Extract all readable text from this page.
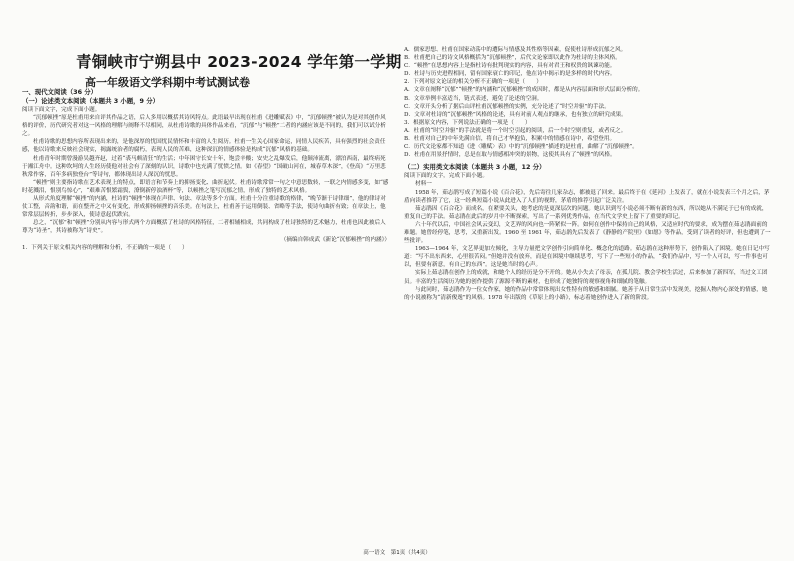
青铜峡市宁朔县中 2023-2024 学年第一学期
高一年级语文学科期中考试测试卷
一、现代文阅读（36 分）
（一）论述类文本阅读（本题共 3 小题，9 分）

阅读下面文字，完成下面小题。

“沉郁顿挫”原是杜甫用来自评其作品之语，后人多用以概括其诗风特点。此语最早出现在杜甫《进雕赋表》中，“沉郁顿挫”被认为是对其创作风格的评价，历代研究者对这一风格的理解与阐释不尽相同，从杜甫诗歌的具体作品来看，“沉郁”与“顿挫”二者的内涵应该是不同的，我们可以试分析之。

杜甫诗歌的思想内容所表现出来的，是他深厚的忧国忧民情怀和丰富的人生阅历。杜甫一生关心国家命运，同情人民疾苦，具有强烈的社会责任感，他以诗歌来反映社会现实，揭露统治者的腐朽，表现人民的苦难，这种深沉的情感体验是构成“沉郁”风格的基础。

杜甫青年时期曾漫游吴越齐赵，过着“裘马颇清狂”的生活；中年困守长安十年，饱尝辛酸；安史之乱爆发后，他颠沛流离，漂泊西南，最终病死于湘江舟中。这种坎坷的人生经历使他对社会有了深刻的认识，诗歌中也充满了忧愤之情。如《春望》“国破山河在，城春草木深”，《登高》“万里悲秋常作客，百年多病独登台”等诗句，都体现出诗人深沉的忧思。

“顿挫”则主要指诗歌在艺术表现上的特点，即语言和节奏上的抑扬变化、曲折起伏。杜甫诗歌常常一句之中意思数转，一联之内情感多变，如“感时花溅泪，恨别鸟惊心”，“艰难苦恨繁霜鬓，潦倒新停浊酒杯”等，以顿挫之笔写沉郁之情，形成了独特的艺术风格。

从形式角度理解“顿挫”的内涵，杜诗的“顿挫”体现在声律、句法、章法等多个方面。杜甫十分注重诗歌的格律，“晚节渐于诗律细”，他的律诗对仗工整，音韵和谐，而在整齐之中又有变化，形成抑扬顿挫的音乐美。在句法上，杜甫善于运用倒装、省略等手法，使诗句曲折有致；在章法上，他常常层层转折，步步深入，使诗意起伏跌宕。

总之，“沉郁”和“顿挫”分别从内容与形式两个方面概括了杜诗的风格特征，二者相辅相成，共同构成了杜诗独特的艺术魅力，杜甫也因此被后人尊为“诗圣”，其诗被称为“诗史”。

（摘编自韩成武《新论“沉郁顿挫”的内涵》）

1．下列关于原文相关内容的理解和分析，不正确的一项是（　　）

A．儒家思想、杜甫在国家动荡中的遭际与情感及其性格等因素，促使杜诗形成沉郁之风。

B．杜甫把自己的诗文风格概括为“沉郁顿挫”，后代文论家即以此作为杜诗的主体风格。

C．“顿挫”在思想内容上是指杜诗有批判现实的内容，具有对君王和权贵的讽谏功能。

D．杜诗与历史进程相同，留有国家衰亡的印记，他在诗中揭示的是多样的时代内容。

2．下列对原文论证的相关分析不正确的一项是（　　）

A．文章在阐释“沉郁”“顿挫”的内涵和“沉郁顿挫”的成因时，都是从内容层面和形式层面分析的。

B．文章举例丰富适当，链式表述，避免了论述的空洞。

C．文章开头分析了据后山评杜甫沉郁顿挫的实例，充分论述了“时空并驱”的手法。

D．文章对杜诗的“沉郁顿挫”风格的论述，具有对前人观点的继承，也有独立的研究成果。

3．根据原文内容，下列说法正确的一项是（　　）

A．杜甫的“时空并驱”的手法就是将一个时空引起的阅读，后一个时空则重复，或者反之。

B．杜甫对自己的中年先满自信，将自己才华抱负，积累中的情感在诗中，希望登用。

C．历代文论家都不知道《进〈雕赋〉表》中的“沉郁顿挫”描述的是杜甫，曲解了“沉郁顿挫”。

D．杜甫在用景抒情时，总是在取与情感相冲突的景物，这使其具有了“顿挫”的风格。

（二）实用类文本阅读（本题共 3 小题，12 分）

阅读下面的文字，完成下面小题。

材料一

1958 年，茹志鹃写成了短篇小说《百合花》，先后寄往几家杂志，都被退了回来。最后终于在《延河》上发表了，就在小说发表三个月之后，茅盾向读者推荐了它，这一经典短篇小说从此进入了人们的视野，茅盾的推荐引起广泛关注。

茹志鹃因《百合花》而成名，在紧要关头，她考虑的是更深层次的问题。她认识到写小说必须不断有新的东西，所以她从不满足于已有的成就，重复自己的手法。茹志鹃在此后的岁月中不断探索，写出了一系列优秀作品，在当代文学史上留下了重要的印记。

六十年代以后，中国社会风云变幻，文艺界的风向也一阵紧似一阵。如何在创作中保持自己的风格，又适应时代的要求，成为摆在茹志鹃面前的难题。她曾经停笔，思考，又重新出发。1960 至 1961 年，茹志鹃先后发表了《静静的产院里》《如愿》等作品，受到了读者的好评，但也遭到了一些批评。

1963—1964 年，文艺界更加左倾化，主导力量把文学创作引向简单化、概念化的道路。茹志鹃在这种形势下，创作陷入了困境。她在日记中写道：“写不出东西来，心里很苦闷。”但她并没有放弃，而是在困境中继续思考，写下了一些短小的作品，“我们作品中，写一个人可以，写一件事也可以，但要有新意，有自己的东西”。这是她当时的心声。

实际上茹志鹃在创作上的成就，和她个人的经历是分不开的。她从小失去了母亲，在孤儿院、教会学校生活过，后来参加了新四军，当过文工团员。丰富的生活阅历为她的创作提供了源源不断的素材，也形成了她独特的观察视角和细腻的笔触。

与此同时，茹志鹃作为一位女作家，她的作品中常常体现出女性特有的敏感和细腻。她善于从日常生活中发现美，挖掘人物内心深处的情感，她的小说被称为“清新俊逸”的风格。1978 年出版的《草原上的小路》，标志着她创作进入了新的阶段。

高一语文　第1页（共4页）
